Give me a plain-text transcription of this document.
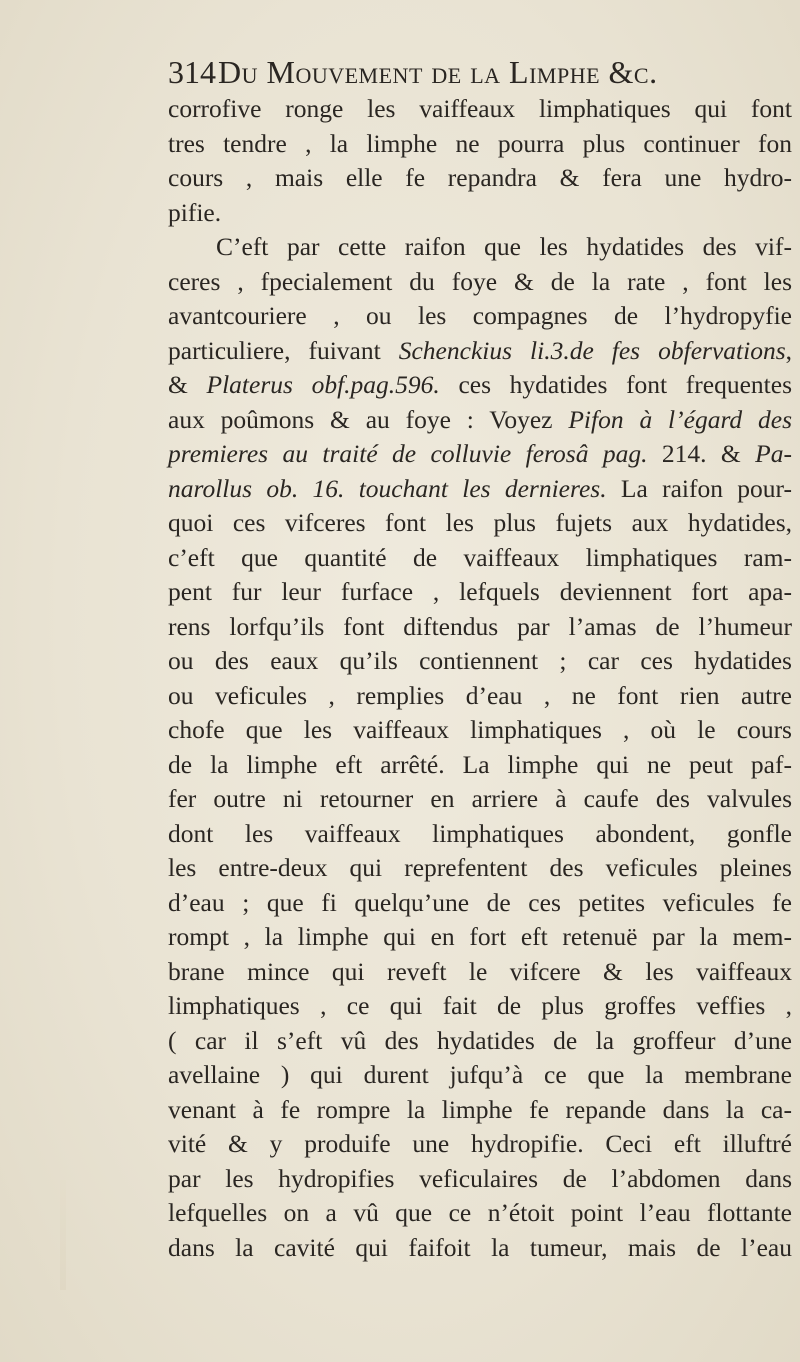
314 Du Mouvement de la Limphe &c.
corrofive ronge les vaiffeaux limphatiques qui font
tres tendre , la limphe ne pourra plus continuer fon
cours , mais elle fe repandra & fera une hydro-
pifie.
C’eft par cette raifon que les hydatides des vif-
ceres , fpecialement du foye & de la rate , font les
avantcouriere , ou les compagnes de l’hydropyfie
particuliere, fuivant Schenckius li.3.de fes obfervations,
& Platerus obf.pag.596. ces hydatides font frequentes
aux poûmons & au foye : Voyez Pifon à l’égard des
premieres au traité de colluvie ferosâ pag. 214. & Pa-
narollus ob. 16. touchant les dernieres. La raifon pour-
quoi ces vifceres font les plus fujets aux hydatides,
c’eft que quantité de vaiffeaux limphatiques ram-
pent fur leur furface , lefquels deviennent fort apa-
rens lorfqu’ils font diftendus par l’amas de l’humeur
ou des eaux qu’ils contiennent ; car ces hydatides
ou veficules , remplies d’eau , ne font rien autre
chofe que les vaiffeaux limphatiques , où le cours
de la limphe eft arrêté. La limphe qui ne peut paf-
fer outre ni retourner en arriere à caufe des valvules
dont les vaiffeaux limphatiques abondent, gonfle
les entre-deux qui reprefentent des veficules pleines
d’eau ; que fi quelqu’une de ces petites veficules fe
rompt , la limphe qui en fort eft retenuë par la mem-
brane mince qui reveft le vifcere & les vaiffeaux
limphatiques , ce qui fait de plus groffes veffies ,
( car il s’eft vû des hydatides de la groffeur d’une
avellaine ) qui durent jufqu’à ce que la membrane
venant à fe rompre la limphe fe repande dans la ca-
vité & y produife une hydropifie. Ceci eft illuftré
par les hydropifies veficulaires de l’abdomen dans
lefquelles on a vû que ce n’étoit point l’eau flottante
dans la cavité qui faifoit la tumeur, mais de l’eau
